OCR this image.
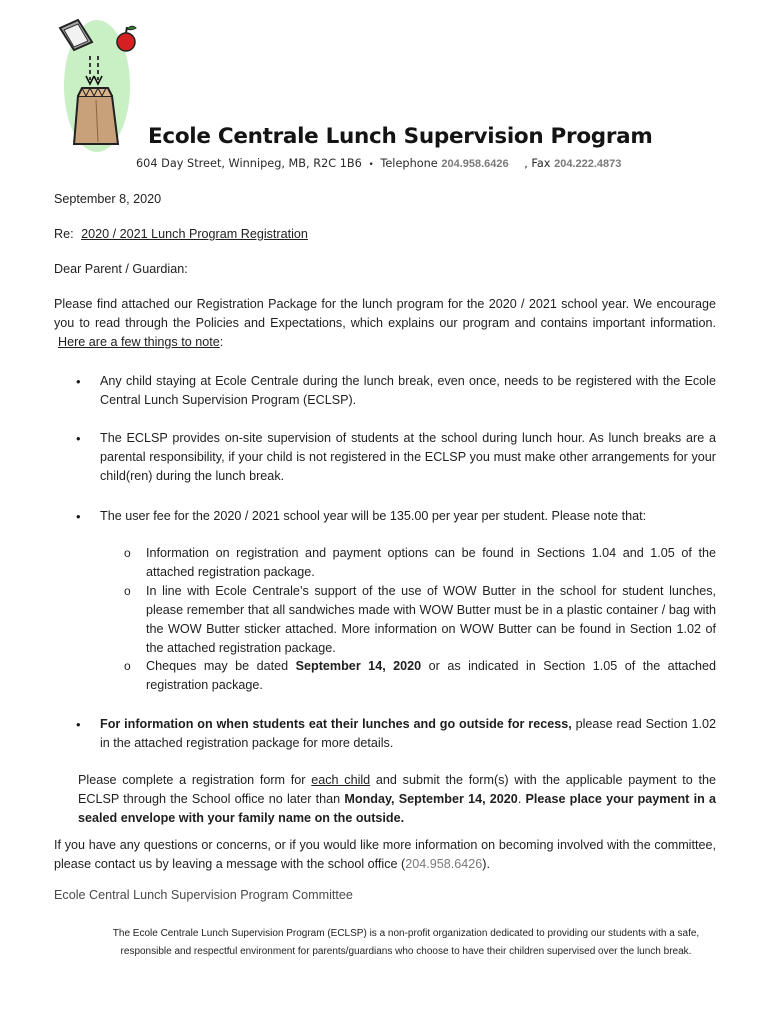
Ecole Centrale Lunch Supervision Program
604 Day Street, Winnipeg, MB, R2C 1B6 • Telephone 204.958.6426 , Fax 204.222.4873
September 8, 2020
Re: 2020 / 2021 Lunch Program Registration
Dear Parent / Guardian:
Please find attached our Registration Package for the lunch program for the 2020 / 2021 school year. We encourage you to read through the Policies and Expectations, which explains our program and contains important information. Here are a few things to note:
• Any child staying at Ecole Centrale during the lunch break, even once, needs to be registered with the Ecole Central Lunch Supervision Program (ECLSP).
• The ECLSP provides on-site supervision of students at the school during lunch hour. As lunch breaks are a parental responsibility, if your child is not registered in the ECLSP you must make other arrangements for your child(ren) during the lunch break.
• The user fee for the 2020 / 2021 school year will be 135.00 per year per student. Please note that:
o Information on registration and payment options can be found in Sections 1.04 and 1.05 of the attached registration package.
o In line with Ecole Centrale’s support of the use of WOW Butter in the school for student lunches, please remember that all sandwiches made with WOW Butter must be in a plastic container / bag with the WOW Butter sticker attached. More information on WOW Butter can be found in Section 1.02 of the attached registration package.
o Cheques may be dated September 14, 2020 or as indicated in Section 1.05 of the attached registration package.
• For information on when students eat their lunches and go outside for recess, please read Section 1.02 in the attached registration package for more details.
Please complete a registration form for each child and submit the form(s) with the applicable payment to the ECLSP through the School office no later than Monday, September 14, 2020. Please place your payment in a sealed envelope with your family name on the outside.
If you have any questions or concerns, or if you would like more information on becoming involved with the committee, please contact us by leaving a message with the school office (204.958.6426).
Ecole Central Lunch Supervision Program Committee
The Ecole Centrale Lunch Supervision Program (ECLSP) is a non-profit organization dedicated to providing our students with a safe, responsible and respectful environment for parents/guardians who choose to have their children supervised over the lunch break.
